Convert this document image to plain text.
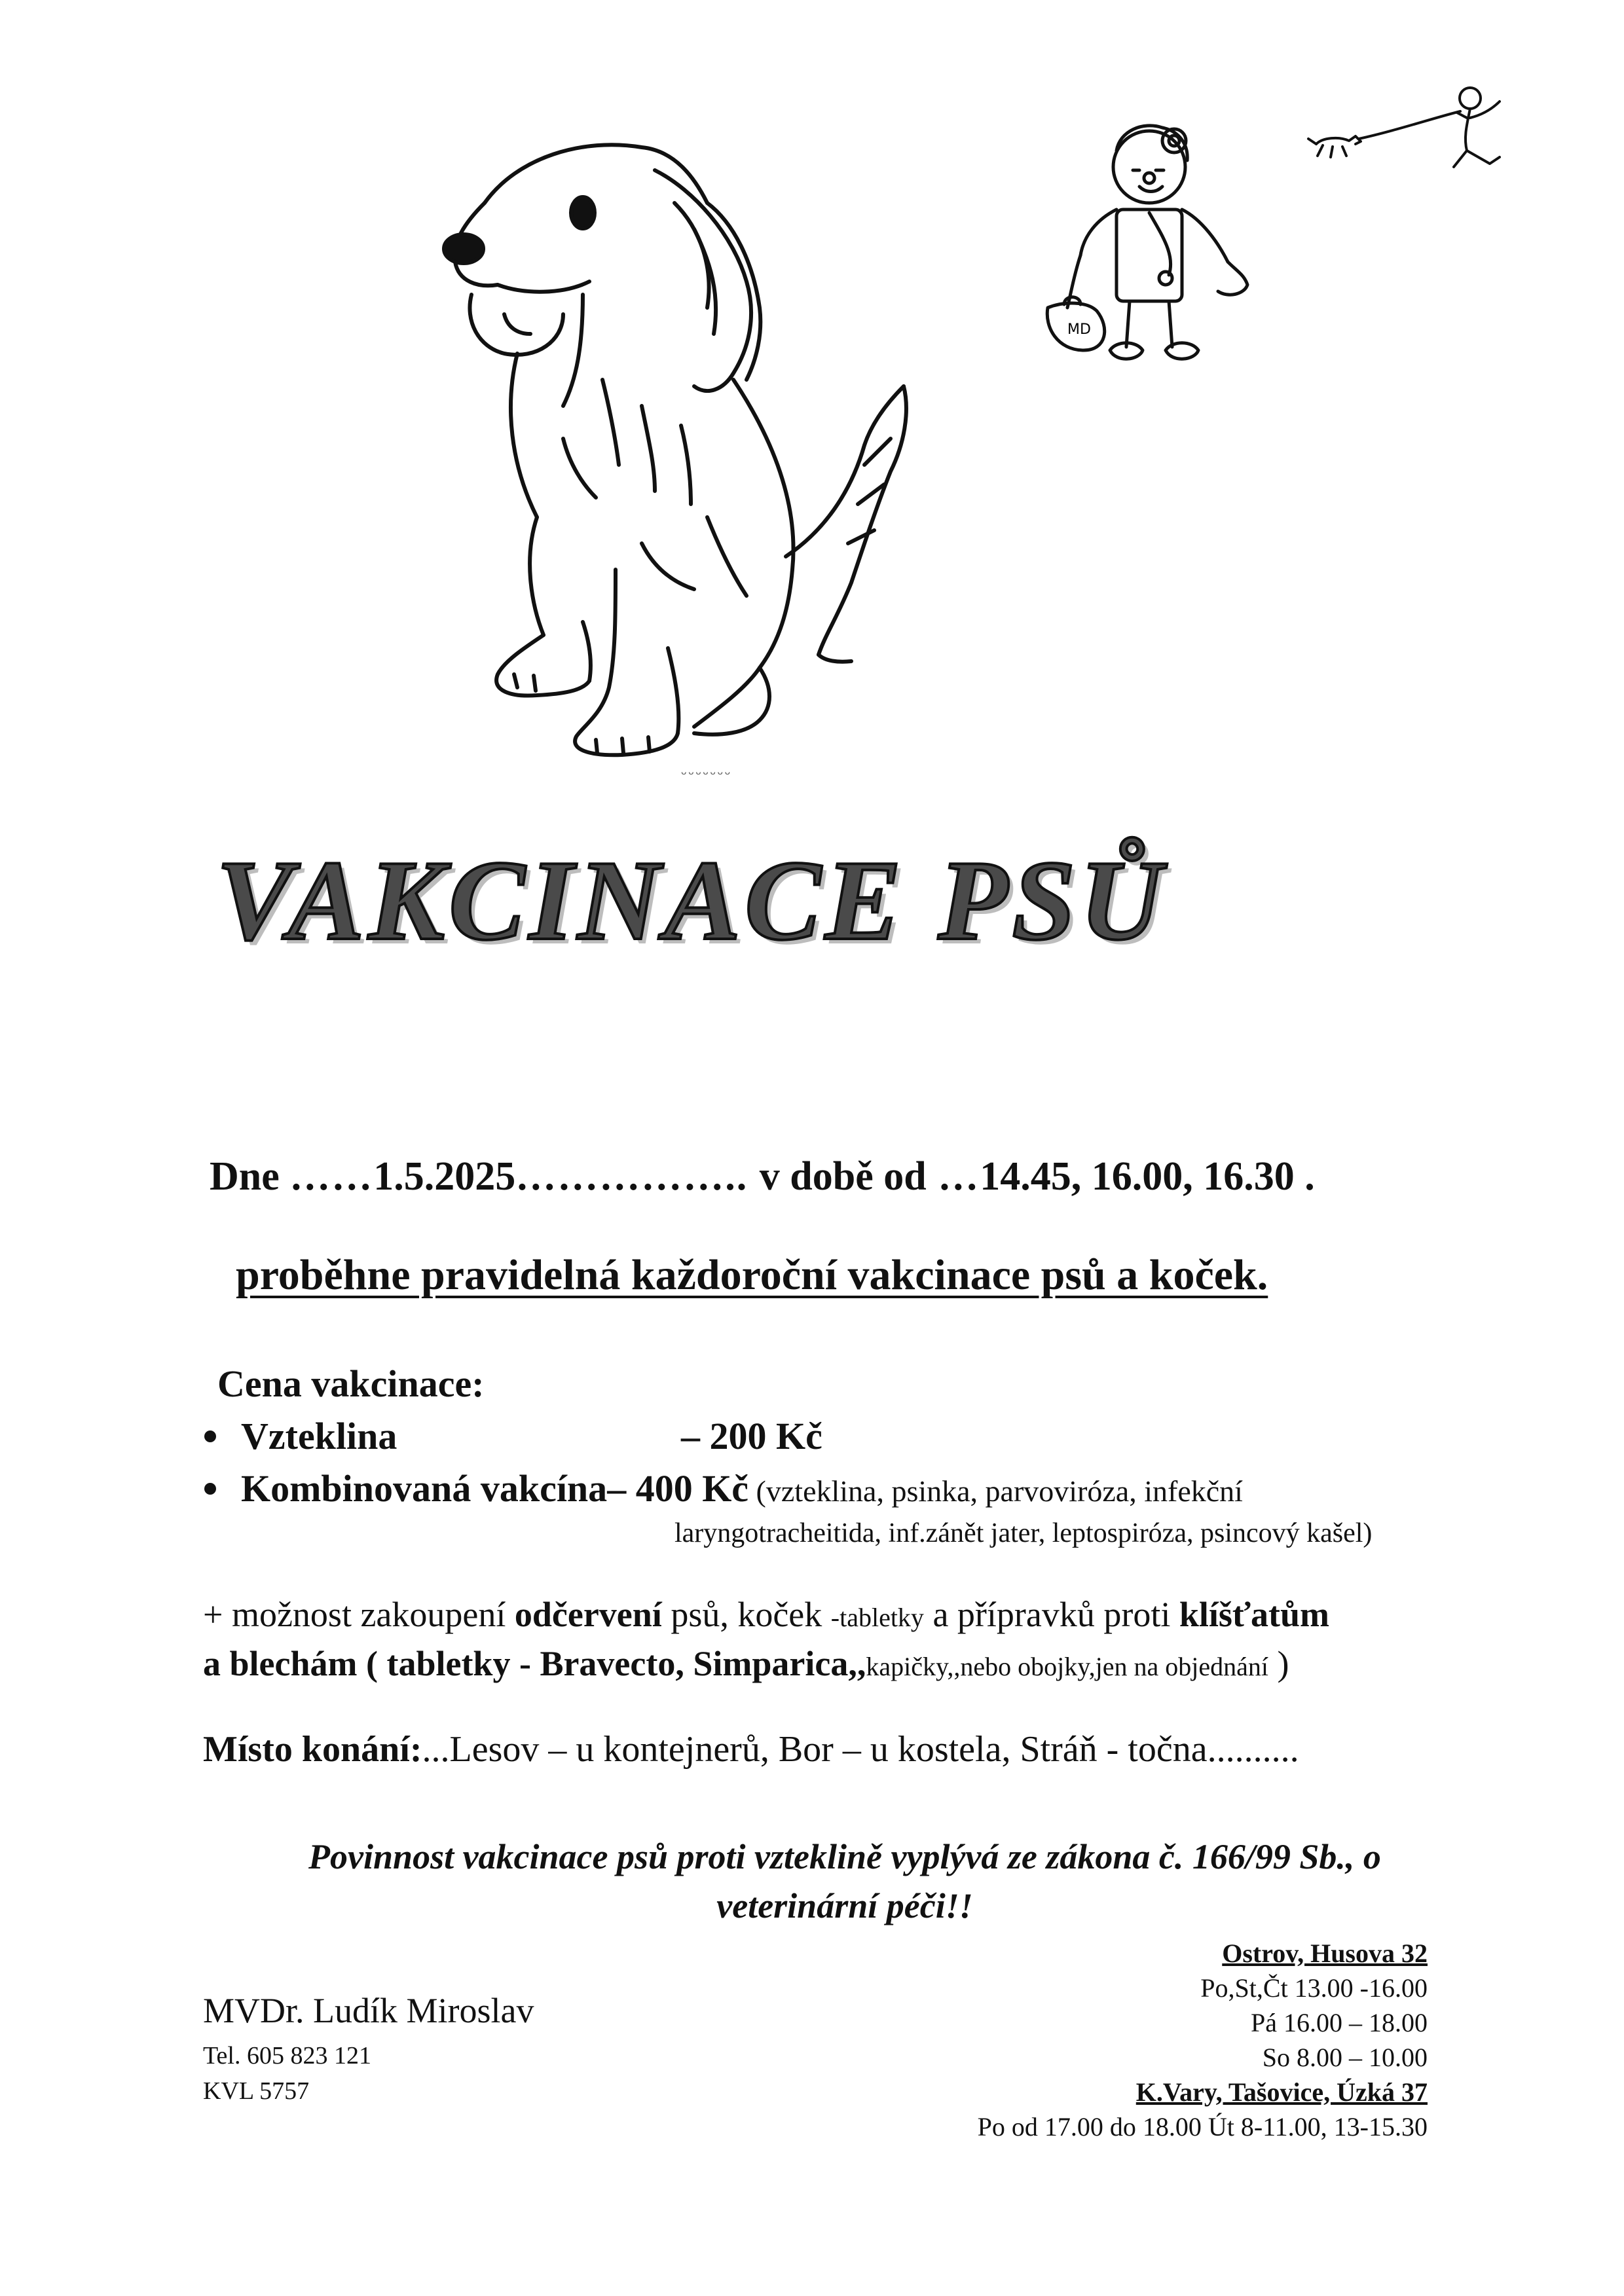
ᵕᵕᵕᵕᵕᵕᵕ
MD
VAKCINACE PSŮ
Dne ……1.5.2025…………….. v době od …14.45, 16.00, 16.30 .
proběhne pravidelná každoroční vakcinace psů a koček.
Cena vakcinace:
Vzteklina	– 200 Kč
Kombinovaná vakcína– 400 Kč (vzteklina, psinka, parvoviróza, infekční
laryngotracheitida, inf.zánět jater, leptospiróza, psincový kašel)
+ možnost zakoupení odčervení psů, koček -tabletky a přípravků proti klíšťatům
a blechám ( tabletky - Bravecto, Simparica,,kapičky,,nebo obojky,jen na objednání )
Místo konání:...Lesov – u kontejnerů, Bor – u kostela, Stráň - točna..........
Povinnost vakcinace psů proti vzteklině vyplývá ze zákona č. 166/99 Sb., o
veterinární péči!!
MVDr. Ludík Miroslav
Tel. 605 823 121
KVL 5757
Ostrov, Husova 32
Po,St,Čt 13.00 -16.00
Pá 16.00 – 18.00
So 8.00 – 10.00
K.Vary, Tašovice, Úzká 37
Po od 17.00 do 18.00 Út 8-11.00, 13-15.30
